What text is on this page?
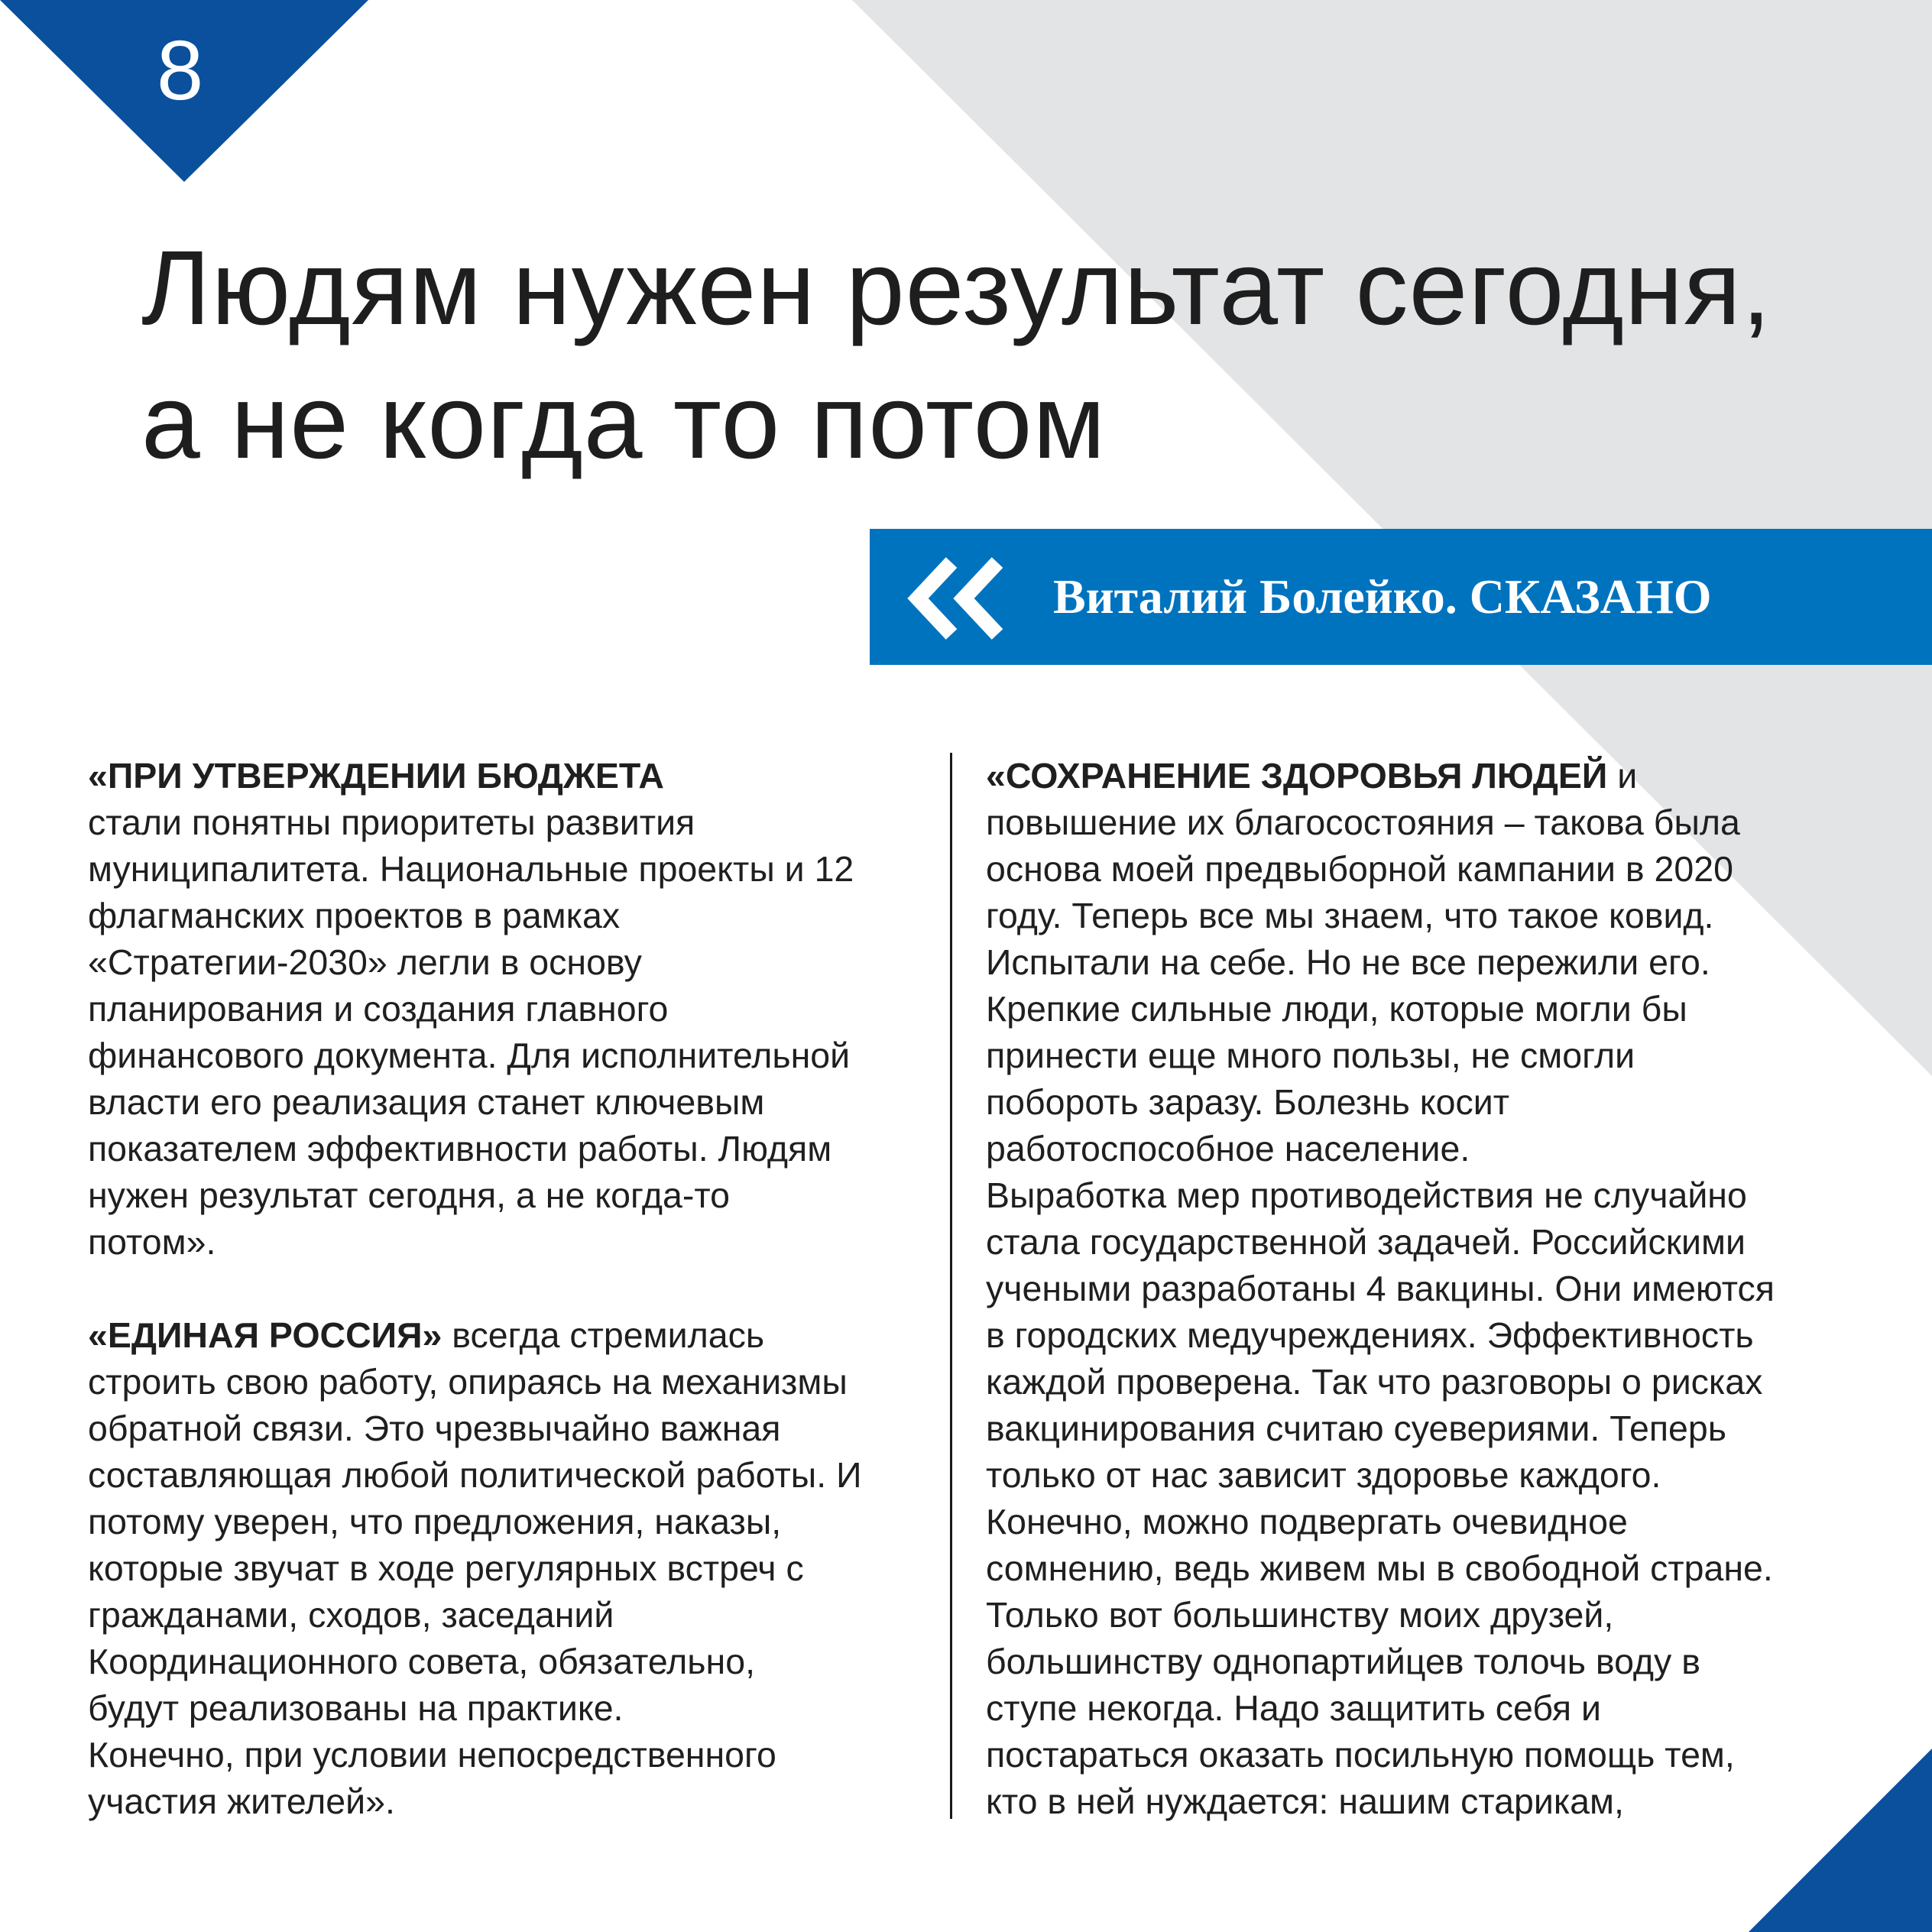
8
Людям нужен результат сегодня,
а не когда то потом
Виталий Болейко. СКАЗАНО

«ПРИ УТВЕРЖДЕНИИ БЮДЖЕТА

стали понятны приоритеты развития

муниципалитета. Национальные проекты и 12

флагманских проектов в рамках

«Стратегии-2030» легли в основу

планирования и создания главного

финансового документа. Для исполнительной

власти его реализация станет ключевым

показателем эффективности работы. Людям

нужен результат сегодня, а не когда-то

потом».

«ЕДИНАЯ РОССИЯ» всегда стремилась

строить свою работу, опираясь на механизмы

обратной связи. Это чрезвычайно важная

составляющая любой политической работы. И

потому уверен, что предложения, наказы,

которые звучат в ходе регулярных встреч с

гражданами, сходов, заседаний

Координационного совета, обязательно,

будут реализованы на практике.

Конечно, при условии непосредственного

участия жителей».

«СОХРАНЕНИЕ ЗДОРОВЬЯ ЛЮДЕЙ и

повышение их благосостояния – такова была

основа моей предвыборной кампании в 2020

году. Теперь все мы знаем, что такое ковид.

Испытали на себе. Но не все пережили его.

Крепкие сильные люди, которые могли бы

принести еще много пользы, не смогли

побороть заразу. Болезнь косит

работоспособное население.

Выработка мер противодействия не случайно

стала государственной задачей. Российскими

учеными разработаны 4 вакцины. Они имеются

в городских медучреждениях. Эффективность

каждой проверена. Так что разговоры о рисках

вакцинирования считаю суевериями. Теперь

только от нас зависит здоровье каждого.

Конечно, можно подвергать очевидное

сомнению, ведь живем мы в свободной стране.

Только вот большинству моих друзей,

большинству однопартийцев толочь воду в

ступе некогда. Надо защитить себя и

постараться оказать посильную помощь тем,

кто в ней нуждается: нашим старикам,
